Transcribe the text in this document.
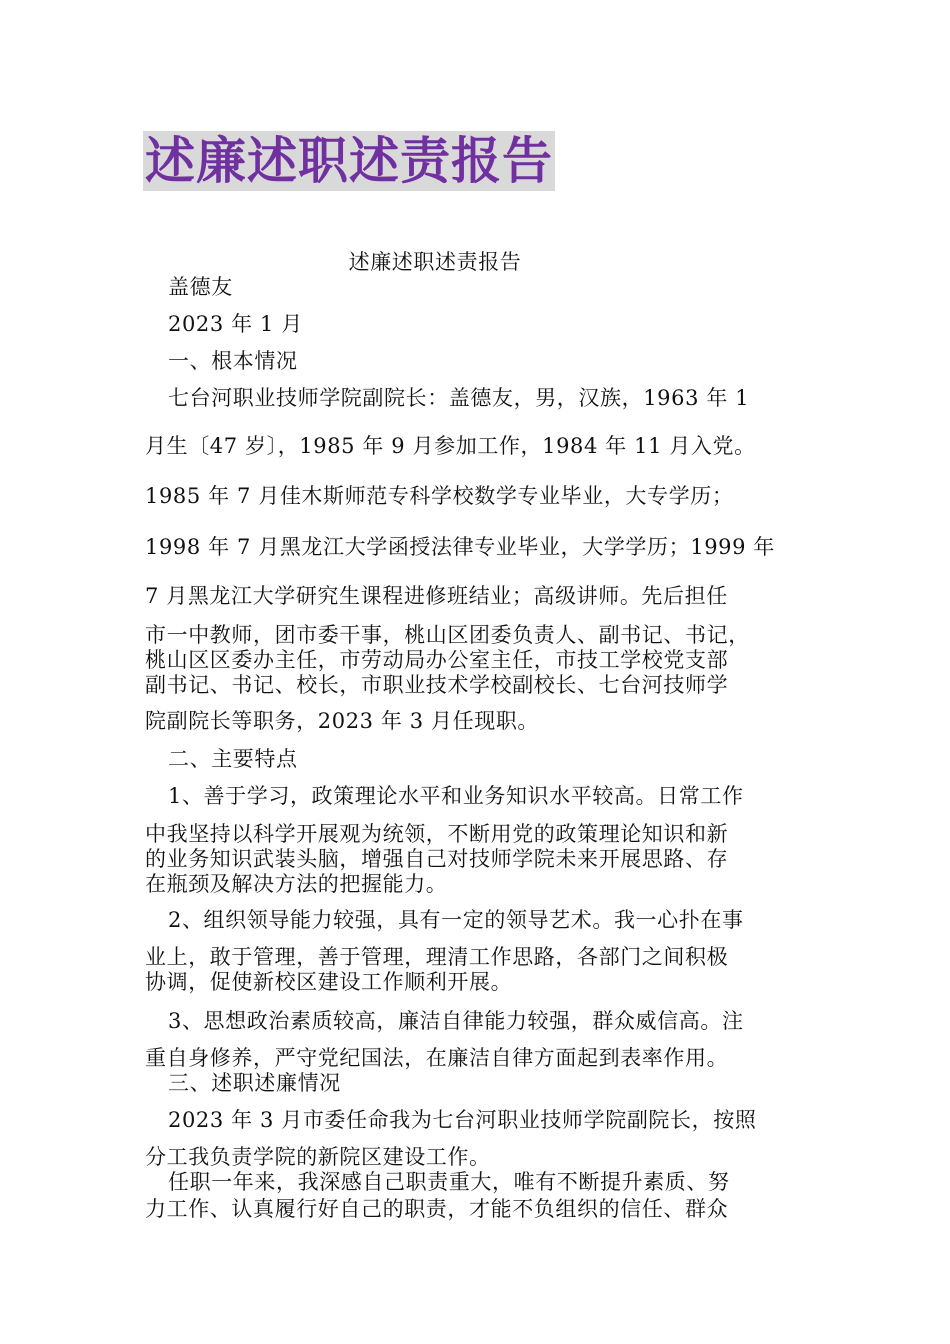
述廉述职述责报告
述廉述职述责报告
盖德友
2023 年 1 月
一、根本情况
七台河职业技师学院副院长：盖德友，男，汉族，1963 年 1
月生〔47 岁〕，1985 年 9 月参加工作，1984 年 11 月入党。
1985 年 7 月佳木斯师范专科学校数学专业毕业，大专学历；
1998 年 7 月黑龙江大学函授法律专业毕业，大学学历；1999 年
7 月黑龙江大学研究生课程进修班结业；高级讲师。先后担任
市一中教师，团市委干事，桃山区团委负责人、副书记、书记，
桃山区区委办主任，市劳动局办公室主任，市技工学校党支部
副书记、书记、校长，市职业技术学校副校长、七台河技师学
院副院长等职务，2023 年 3 月任现职。
二、主要特点
1、善于学习，政策理论水平和业务知识水平较高。日常工作
中我坚持以科学开展观为统领，不断用党的政策理论知识和新
的业务知识武装头脑，增强自己对技师学院未来开展思路、存
在瓶颈及解决方法的把握能力。
2、组织领导能力较强，具有一定的领导艺术。我一心扑在事
业上，敢于管理，善于管理，理清工作思路，各部门之间积极
协调，促使新校区建设工作顺利开展。
3、思想政治素质较高，廉洁自律能力较强，群众威信高。注
重自身修养，严守党纪国法，在廉洁自律方面起到表率作用。
三、述职述廉情况
2023 年 3 月市委任命我为七台河职业技师学院副院长，按照
分工我负责学院的新院区建设工作。
任职一年来，我深感自己职责重大，唯有不断提升素质、努
力工作、认真履行好自己的职责，才能不负组织的信任、群众
